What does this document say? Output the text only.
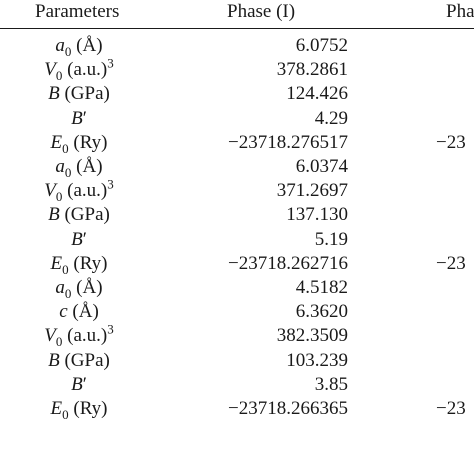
Parameters	Phase (I)	Pha
$a_0$ (Å)	6.0752
$V_0$ $(a.u.)^3$	378.2861
B (GPa)	124.426
B′	4.29
$E_0$ (Ry)	−23718.276517	−23
$a_0$ (Å)	6.0374
$V_0$ $(a.u.)^3$	371.2697
B (GPa)	137.130
B′	5.19
$E_0$ (Ry)	−23718.262716	−23
$a_0$ (Å)	4.5182
c (Å)	6.3620
$V_0$ $(a.u.)^3$	382.3509
B (GPa)	103.239
B′	3.85
$E_0$ (Ry)	−23718.266365	−23
